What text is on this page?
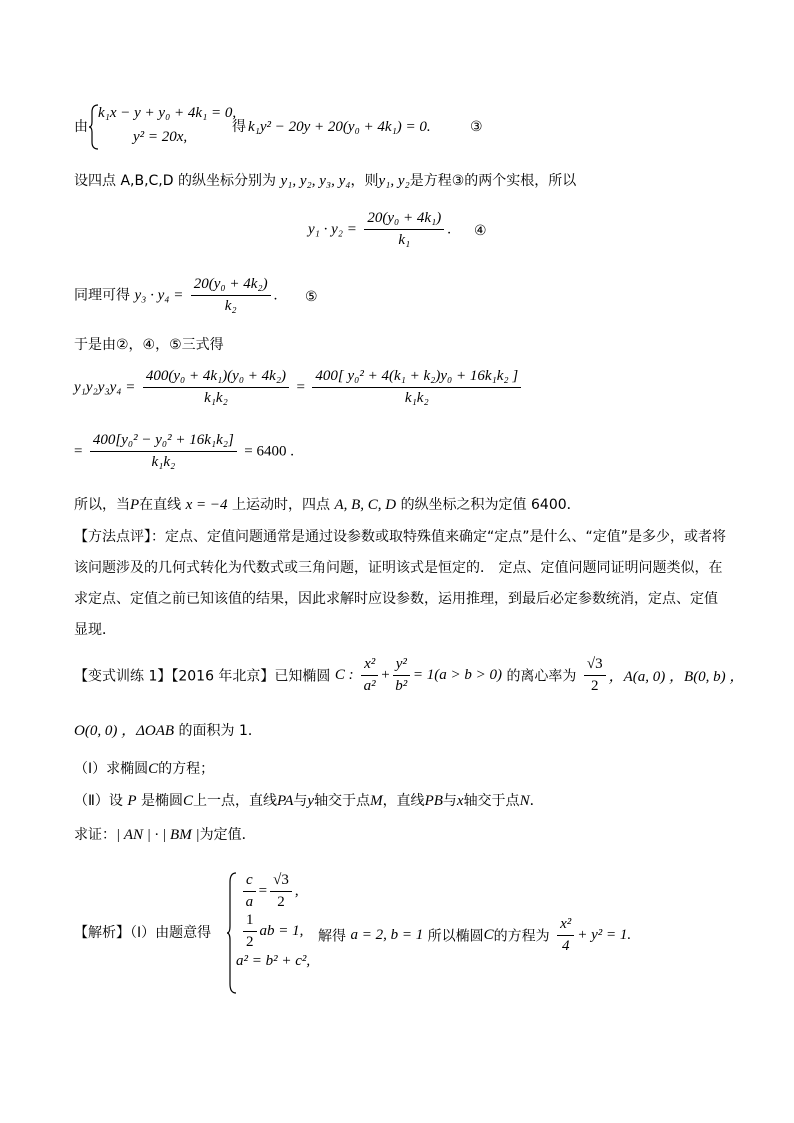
由
k₁x − y + y₀ + 4k₁ = 0,
y² = 20x,
得 k₁y² − 20y + 20(y₀ + 4k₁) = 0.	③
设四点 A,B,C,D 的纵坐标分别为 y₁, y₂, y₃, y₄，则y₁, y₂是方程③的两个实根，所以
$y_1 \cdot y_2 = \frac{\text{20(y₀ + 4k₁)}}{\text{k₁}}$ . ④
同理可得 $y_3 \cdot y_4 = \frac{\text{20(y₀ + 4k₂)}}{\text{k₂}}$ . ⑤
于是由②，④，⑤三式得
$y_1y_2y_3y_4 = \frac{\text{400(y₀ + 4k₁)(y₀ + 4k₂)}}{\text{k₁k₂}} = \frac{\text{400[ y₀² + 4(k₁ + k₂)y₀ + 16k₁k₂ ]}}{\text{k₁k₂}}$
= $\frac{\text{400[y₀² − y₀² + 16k₁k₂]}}{\text{k₁k₂}} = 6400$ .
所以，当P在直线 x = −4 上运动时，四点 A, B, C, D 的纵坐标之积为定值 6400．
【方法点评】：定点、定值问题通常是通过设参数或取特殊值来确定“定点”是什么、“定值”是多少，或者将
该问题涉及的几何式转化为代数式或三角问题，证明该式是恒定的． 定点、定值问题同证明问题类似，在
求定点、定值之前已知该值的结果，因此求解时应设参数，运用推理，到最后必定参数统消，定点、定值
显现．
【变式训练 1】【2016 年北京】已知椭圆 C : $\frac{\text{x²}}{\text{a²}} + \frac{\text{y²}}{\text{b²}} = 1(a > b > 0)$ 的离心率为 $\frac{√3}{2}$ ，A(a, 0) ，B(0, b) ，
O(0, 0) ，ΔOAB 的面积为 1．
（Ⅰ）求椭圆C的方程；
（Ⅱ）设 P 是椭圆C上一点，直线PA与y轴交于点M，直线PB与x轴交于点N．
求证：| AN | · | BM |为定值．
【解析】（Ⅰ）由题意得
$\frac{c}{a} = \frac{√3}{2}$ ,
$\frac{1}{2}$ ab = 1,
a² = b² + c²,
解得 a = 2, b = 1 所以椭圆C的方程为 $\frac{\text{x²}}{4} + y^2 = 1$.
